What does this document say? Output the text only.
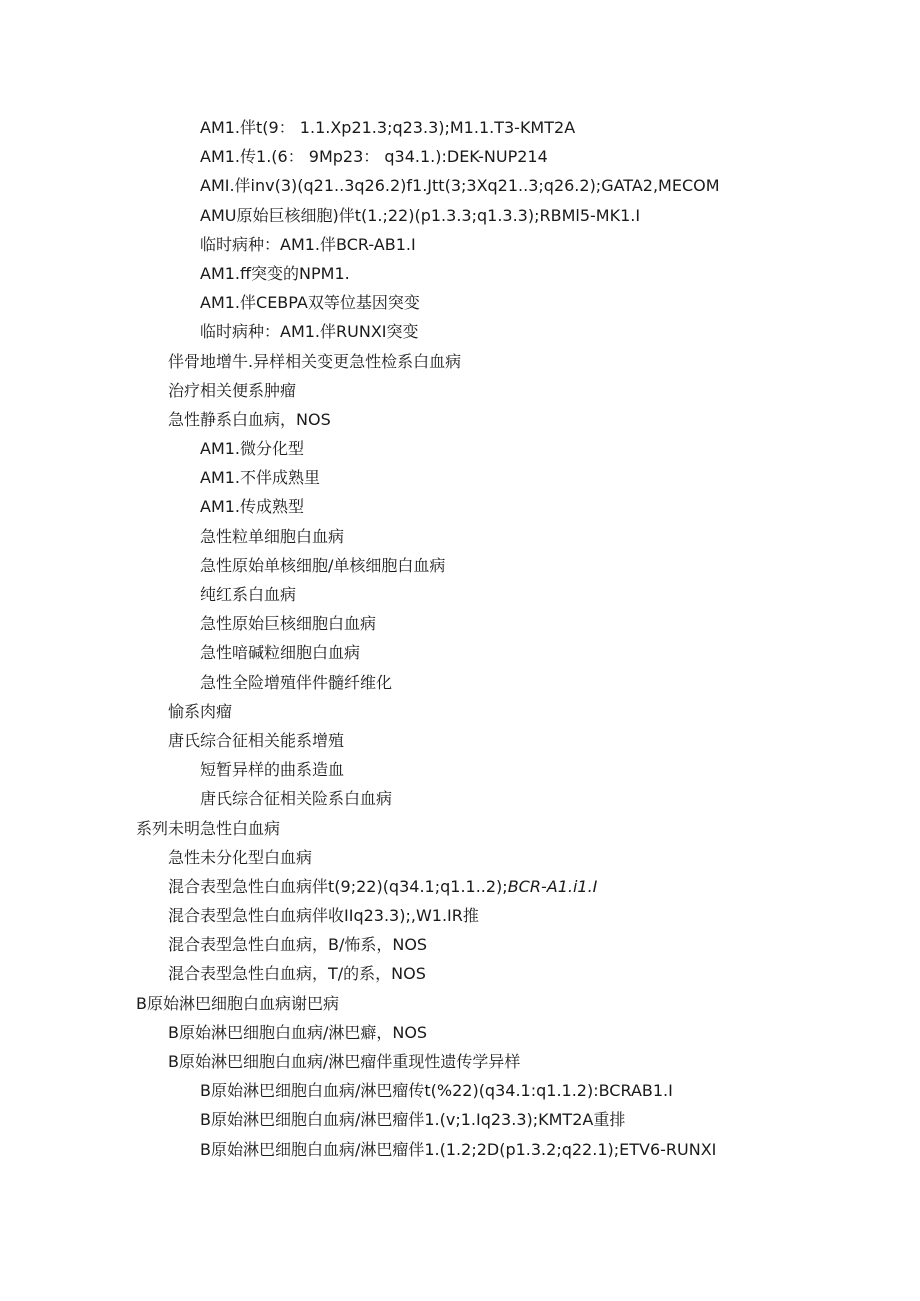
AM1.伴t(9： 1.1.Xp21.3;q23.3);M1.1.T3-KMT2A
AM1.传1.(6： 9Mp23： q34.1.):DEK-NUP214
AMI.伴inv(3)(q21..3q26.2)f1.Jtt(3;3Xq21..3;q26.2);GATA2,MECOM
AMU原始巨核细胞)伴t(1.;22)(p1.3.3;q1.3.3);RBMl5-MK1.I
临时病种：AM1.伴BCR-AB1.I
AM1.ff突变的NPM1.
AM1.伴CEBPA双等位基因突变
临时病种：AM1.伴RUNXI突变
伴骨地增牛.异样相关变更急性检系白血病
治疗相关便系肿瘤
急性静系白血病，NOS
AM1.微分化型
AM1.不伴成熟里
AM1.传成熟型
急性粒单细胞白血病
急性原始单核细胞/单核细胞白血病
纯红系白血病
急性原始巨核细胞白血病
急性喑碱粒细胞白血病
急性全险增殖伴件髓纤维化
愉系肉瘤
唐氏综合征相关能系增殖
短暂异样的曲系造血
唐氏综合征相关险系白血病
系列未明急性白血病
急性未分化型白血病
混合表型急性白血病伴t(9;22)(q34.1;q1.1..2);BCR-A1.i1.I
混合表型急性白血病伴收IIq23.3);,W1.IR推
混合表型急性白血病，B/怖系，NOS
混合表型急性白血病，T/的系，NOS
B原始淋巴细胞白血病谢巴病
B原始淋巴细胞白血病/淋巴癖，NOS
B原始淋巴细胞白血病/淋巴瘤伴重现性遗传学异样
B原始淋巴细胞白血病/淋巴瘤传t(%22)(q34.1:q1.1.2):BCRAB1.I
B原始淋巴细胞白血病/淋巴瘤伴1.(v;1.Iq23.3);KMT2A重排
B原始淋巴细胞白血病/淋巴瘤伴1.(1.2;2D(p1.3.2;q22.1);ETV6-RUNXI
